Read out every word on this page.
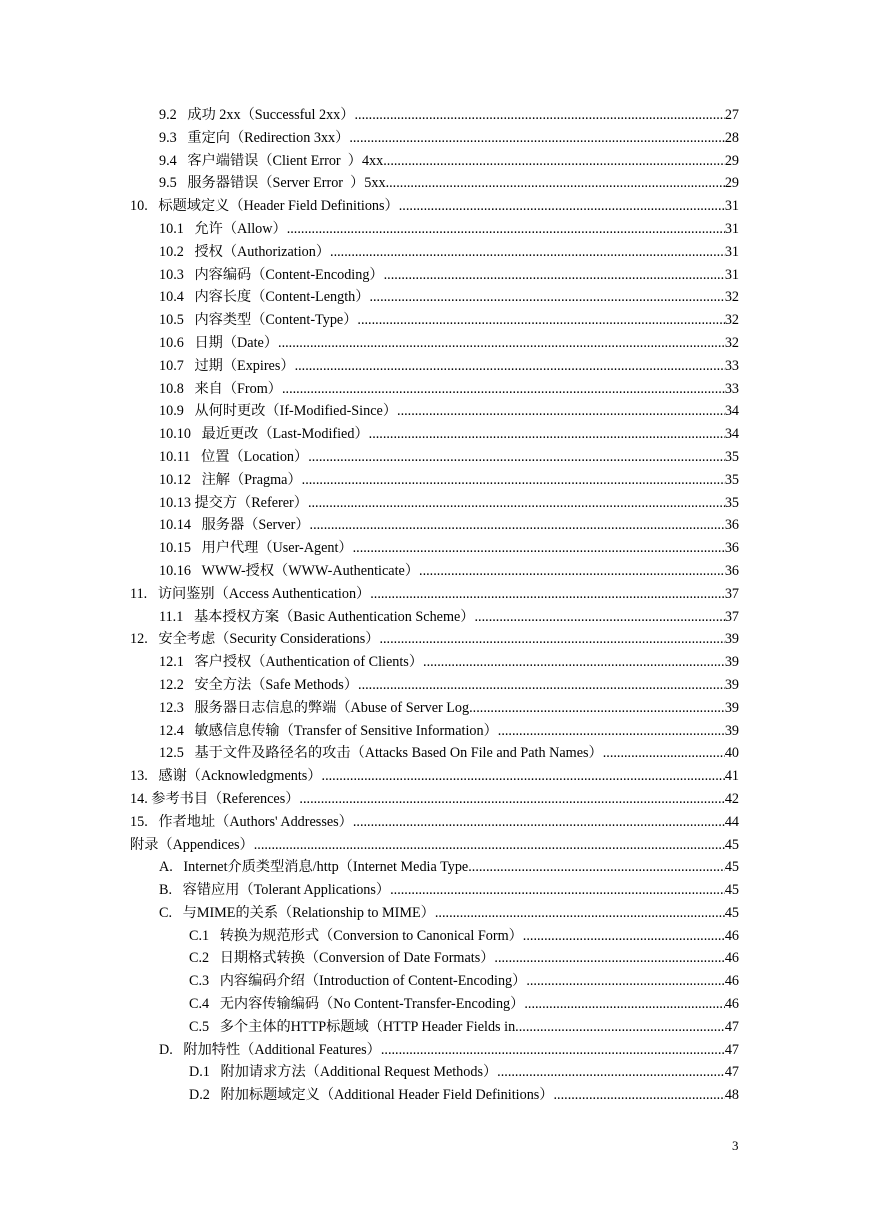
9.2   成功 2xx（Successful 2xx） .....	27
9.3   重定向（Redirection 3xx） .....	28
9.4   客户端错误（Client Error  ）4xx .....	29
9.5   服务器错误（Server Error  ）5xx .....	29
10.   标题域定义（Header Field Definitions） .....	31
10.1   允许（Allow） .....	31
10.2   授权（Authorization） .....	31
10.3   内容编码（Content-Encoding） .....	31
10.4   内容长度（Content-Length） .....	32
10.5   内容类型（Content-Type） .....	32
10.6   日期（Date） .....	32
10.7   过期（Expires） .....	33
10.8   来自（From） .....	33
10.9   从何时更改（If-Modified-Since） .....	34
10.10   最近更改（Last-Modified） .....	34
10.11   位置（Location） .....	35
10.12   注解（Pragma） .....	35
10.13 提交方（Referer） .....	35
10.14   服务器（Server） .....	36
10.15   用户代理（User-Agent） .....	36
10.16   WWW-授权（WWW-Authenticate） .....	36
11.   访问鉴别（Access Authentication） .....	37
11.1   基本授权方案（Basic Authentication Scheme） .....	37
12.   安全考虑（Security Considerations） .....	39
12.1   客户授权（Authentication of Clients） .....	39
12.2   安全方法（Safe Methods） .....	39
12.3   服务器日志信息的弊端（Abuse of Server Log .....	39
12.4   敏感信息传输（Transfer of Sensitive Information） .....	39
12.5   基于文件及路径名的攻击（Attacks Based On File and Path Names） .....	40
13.   感谢（Acknowledgments） .....	41
14. 参考书目（References） .....	42
15.   作者地址（Authors' Addresses） .....	44
附录（Appendices） .....	45
A.   Internet介质类型消息/http（Internet Media Type .....	45
B.   容错应用（Tolerant Applications） .....	45
C.   与MIME的关系（Relationship to MIME） .....	45
C.1   转换为规范形式（Conversion to Canonical Form） .....	46
C.2   日期格式转换（Conversion of Date Formats） .....	46
C.3   内容编码介绍（Introduction of Content-Encoding） .....	46
C.4   无内容传输编码（No Content-Transfer-Encoding） .....	46
C.5   多个主体的HTTP标题域（HTTP Header Fields in .....	47
D.   附加特性（Additional Features） .....	47
D.1   附加请求方法（Additional Request Methods） .....	47
D.2   附加标题域定义（Additional Header Field Definitions） .....	48
3
